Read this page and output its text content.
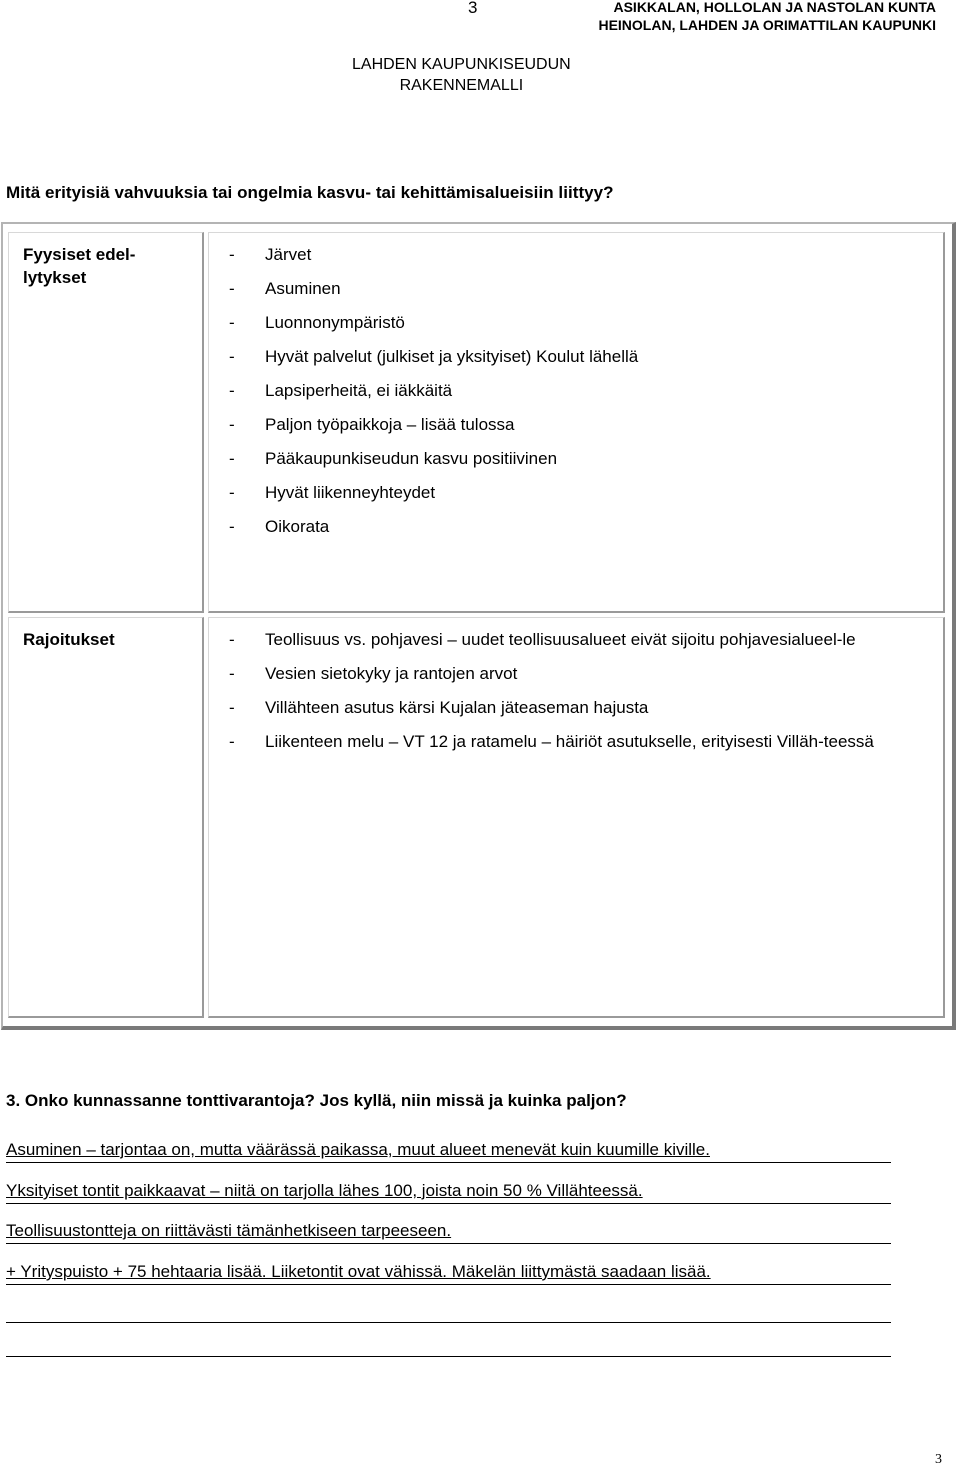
3	ASIKKALAN, HOLLOLAN JA NASTOLAN KUNTA
HEINOLAN, LAHDEN JA ORIMATTILAN KAUPUNKI
LAHDEN KAUPUNKISEUDUN
RAKENNEMALLI
Mitä erityisiä vahvuuksia tai ongelmia kasvu- tai kehittämisalueisiin liittyy?
Fyysiset edel-
lytykset
- Järvet
- Asuminen
- Luonnonympäristö
- Hyvät palvelut (julkiset ja yksityiset) Koulut lähellä
- Lapsiperheitä, ei iäkkäitä
- Paljon työpaikkoja – lisää tulossa
- Pääkaupunkiseudun kasvu positiivinen
- Hyvät liikenneyhteydet
- Oikorata
Rajoitukset	- Teollisuus vs. pohjavesi – uudet teollisuusalueet eivät sijoitu pohjavesialueel-le
- Vesien sietokyky ja rantojen arvot
- Villähteen asutus kärsi Kujalan jäteaseman hajusta
- Liikenteen melu – VT 12 ja ratamelu – häiriöt asutukselle, erityisesti Villäh-teessä
3. Onko kunnassanne tonttivarantoja? Jos kyllä, niin missä ja kuinka paljon?
Asuminen – tarjontaa on, mutta väärässä paikassa, muut alueet menevät kuin kuumille kiville.
Yksityiset tontit paikkaavat – niitä on tarjolla lähes 100, joista noin 50 % Villähteessä.
Teollisuustontteja on riittävästi tämänhetkiseen tarpeeseen.
+ Yrityspuisto + 75 hehtaaria lisää. Liiketontit ovat vähissä. Mäkelän liittymästä saadaan lisää.
3
